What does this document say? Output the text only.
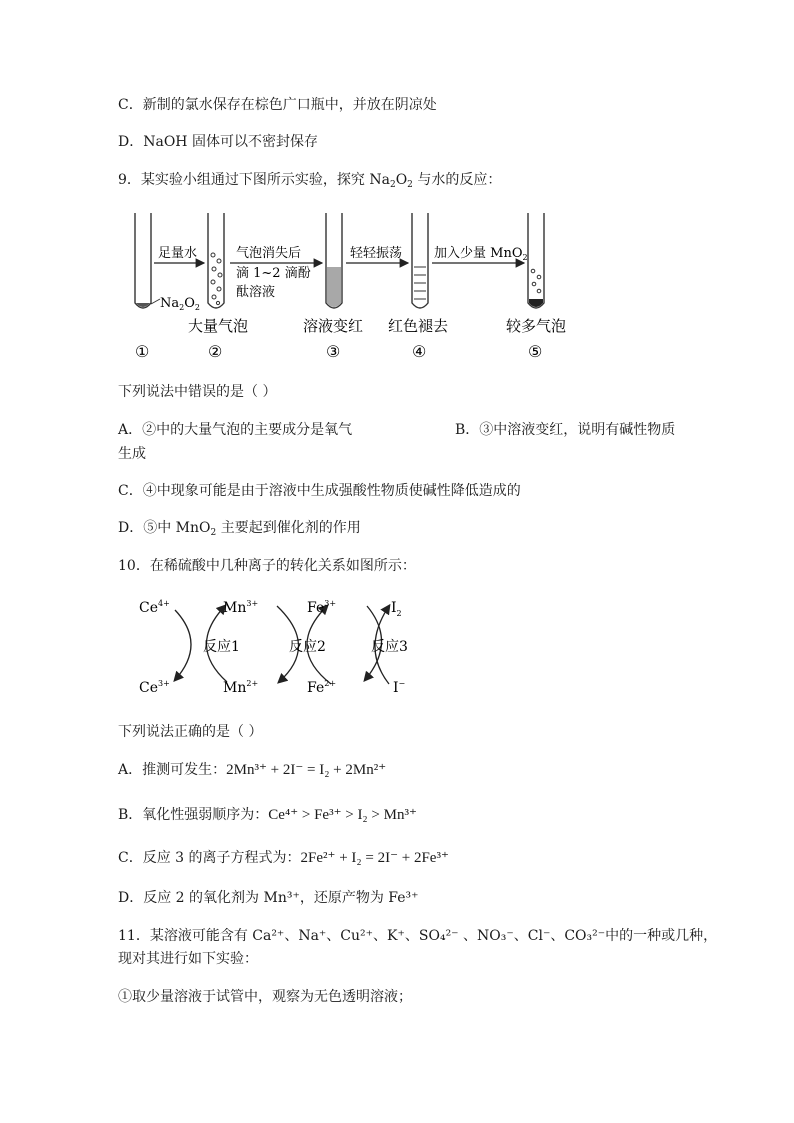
C．新制的氯水保存在棕色广口瓶中，并放在阴凉处
D．NaOH 固体可以不密封保存
9．某实验小组通过下图所示实验，探究 $Na_2O_2$ 与水的反应：
足量水	气泡消失后
滴 1~2 滴酚
酞溶液
轻轻振荡 加入少量 MnO$_2$
$Na_2O_2$
大量气泡	溶液变红 红色褪去	较多气泡
①	②	③	④	⑤
下列说法中错误的是（ ）
A．②中的大量气泡的主要成分是氧气	B．③中溶液变红，说明有碱性物质
生成
C．④中现象可能是由于溶液中生成强酸性物质使碱性降低造成的
D．⑤中 MnO$_2$ 主要起到催化剂的作用
10．在稀硫酸中几种离子的转化关系如图所示：
$Ce^{4+}$	$Mn^{3+}$	$Fe^{3+}$	$I_2$
$Ce^{3+}$	$Mn^{2+}$	$Fe^{2+}$	I−
反应1	反应2	反应3
下列说法正确的是（ ）
A．推测可发生：2Mn³⁺ + 2I⁻ = I₂ + 2Mn²⁺
B．氧化性强弱顺序为：Ce⁴⁺ > Fe³⁺ > I₂ > Mn³⁺
C．反应 3 的离子方程式为：2Fe²⁺ + I₂ = 2I⁻ + 2Fe³⁺
D．反应 2 的氧化剂为 Mn³⁺，还原产物为 Fe³⁺
11．某溶液可能含有 Ca²⁺、Na⁺、Cu²⁺、K⁺、SO₄²⁻ 、NO₃⁻、Cl⁻、CO₃²⁻中的一种或几种，
现对其进行如下实验：
①取少量溶液于试管中，观察为无色透明溶液；
